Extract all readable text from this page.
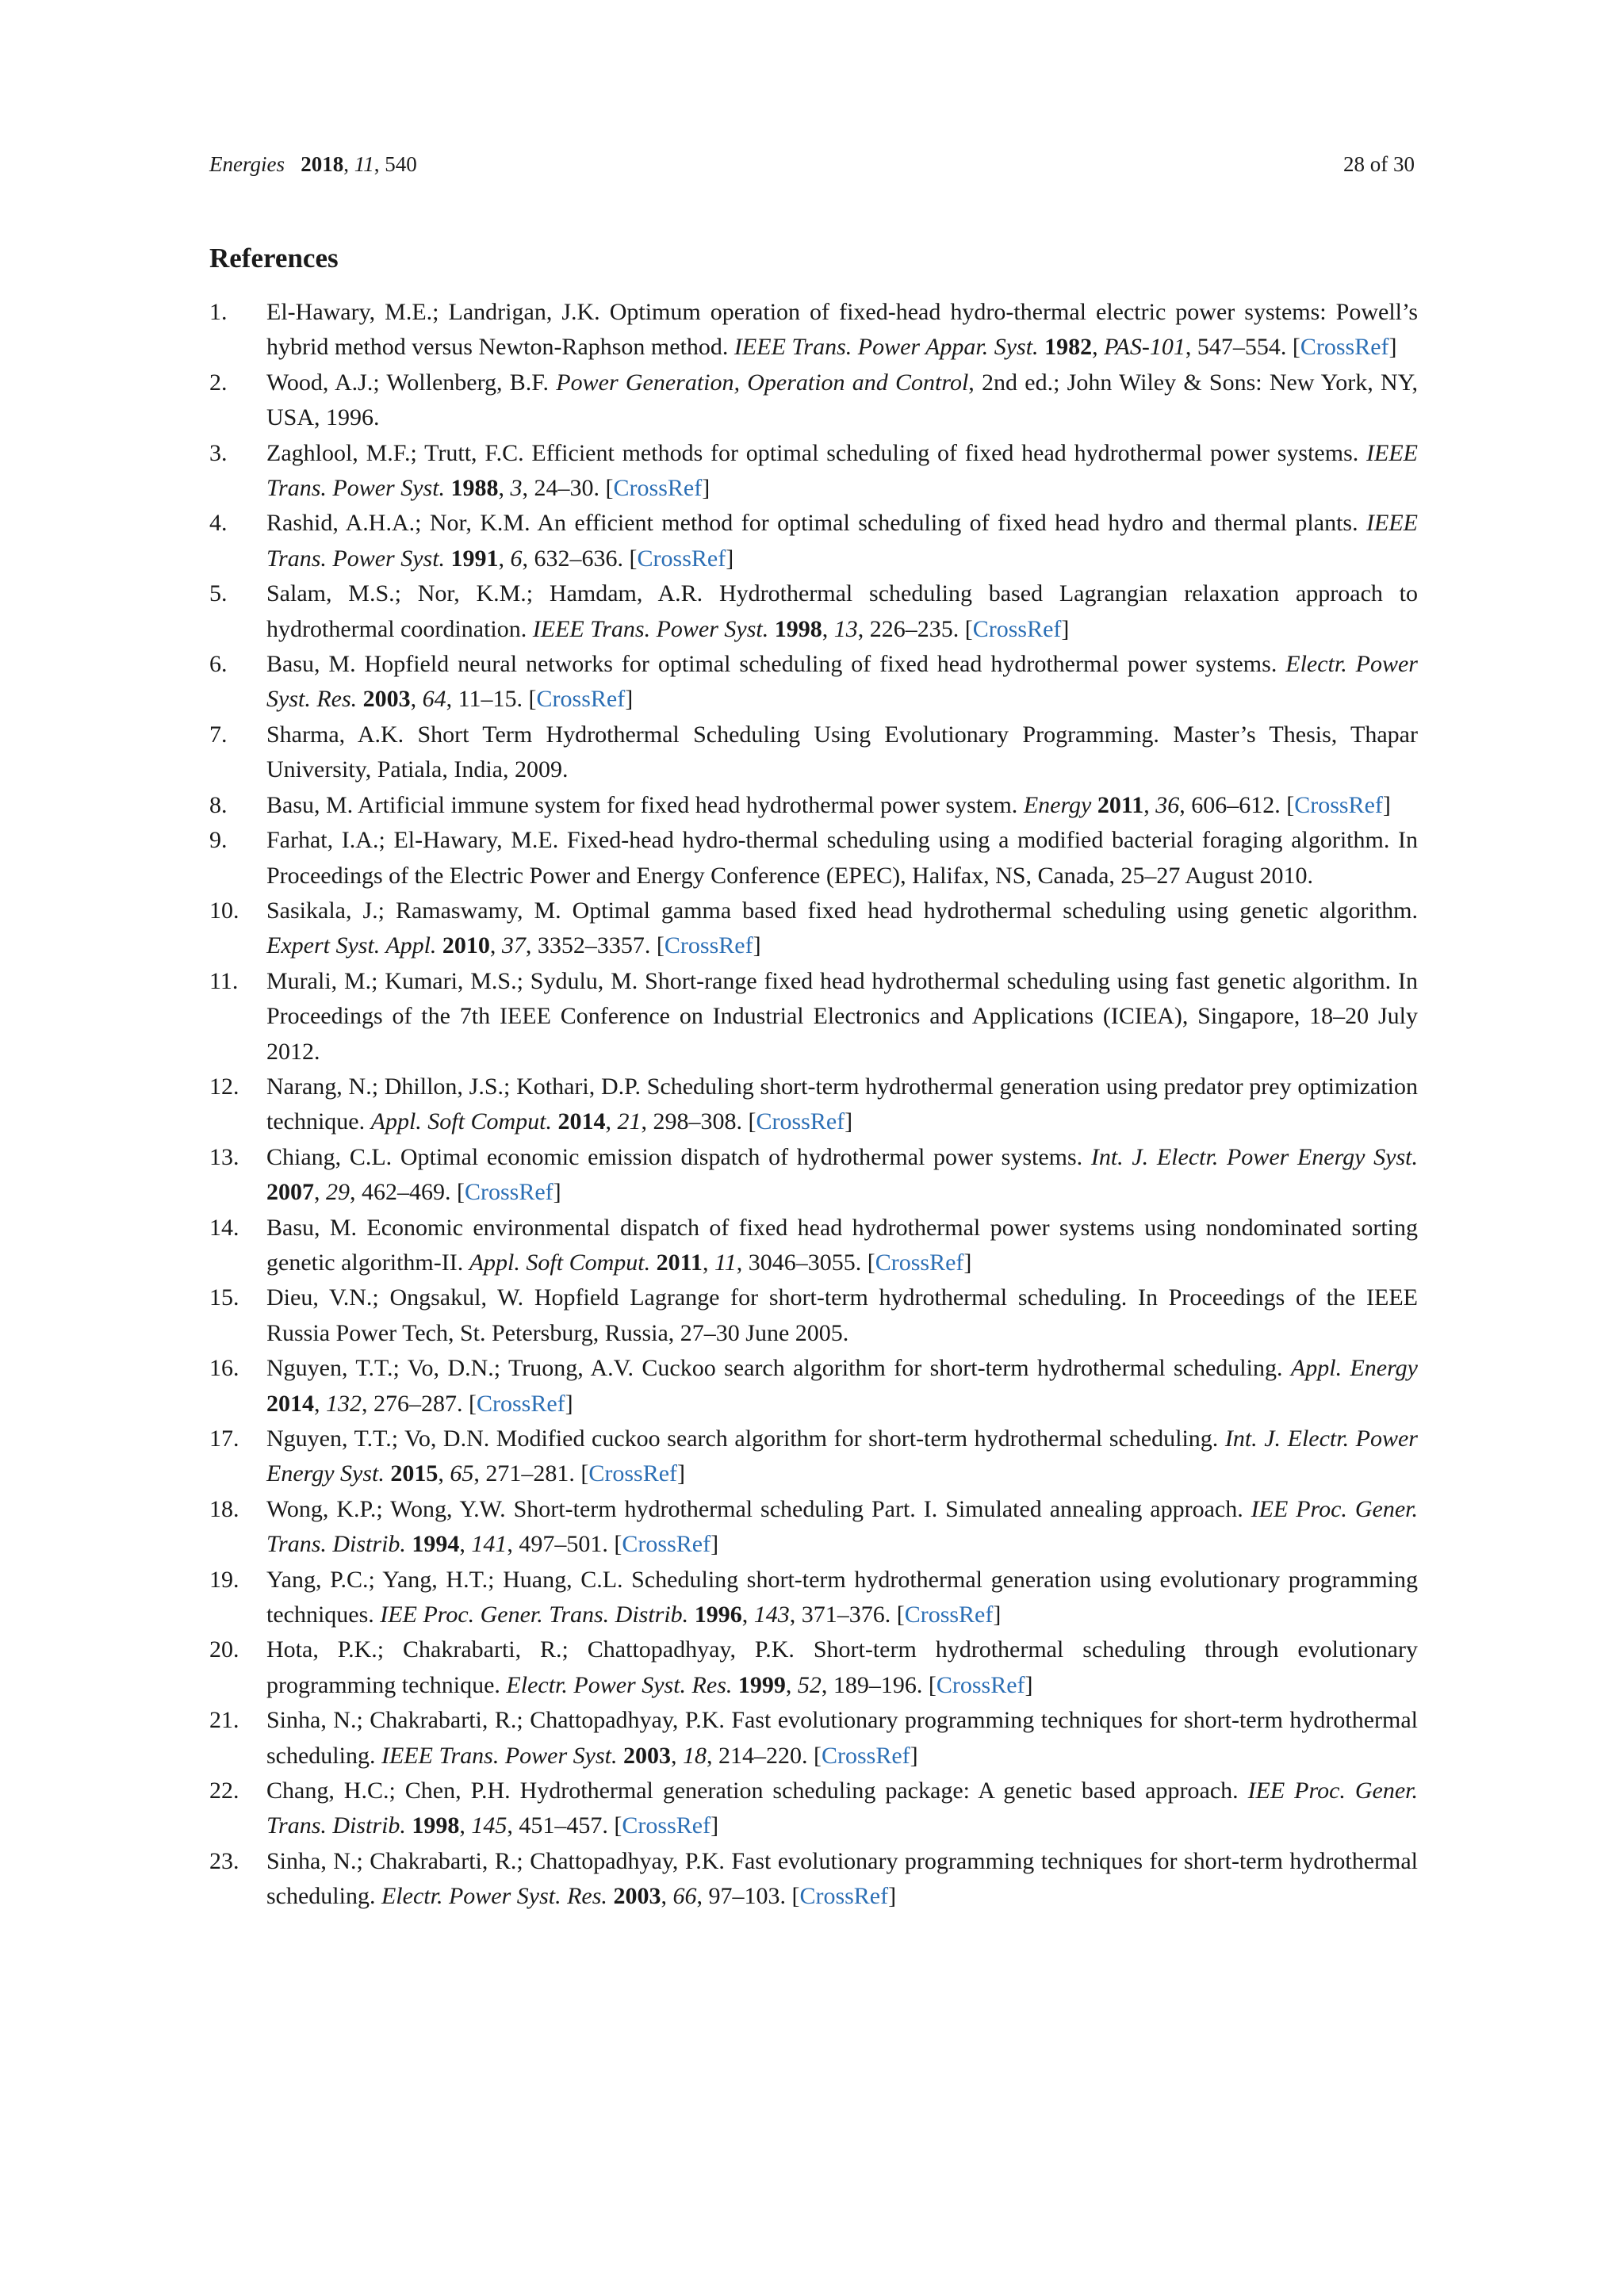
Energies 2018, 11, 540	28 of 30
References
1.	El-Hawary, M.E.; Landrigan, J.K. Optimum operation of fixed-head hydro-thermal electric power systems: Powell’s hybrid method versus Newton-Raphson method. IEEE Trans. Power Appar. Syst. 1982, PAS-101, 547–554. [CrossRef]
2.	Wood, A.J.; Wollenberg, B.F. Power Generation, Operation and Control, 2nd ed.; John Wiley & Sons: New York, NY, USA, 1996.
3.	Zaghlool, M.F.; Trutt, F.C. Efficient methods for optimal scheduling of fixed head hydrothermal power systems. IEEE Trans. Power Syst. 1988, 3, 24–30. [CrossRef]
4.	Rashid, A.H.A.; Nor, K.M. An efficient method for optimal scheduling of fixed head hydro and thermal plants. IEEE Trans. Power Syst. 1991, 6, 632–636. [CrossRef]
5.	Salam, M.S.; Nor, K.M.; Hamdam, A.R. Hydrothermal scheduling based Lagrangian relaxation approach to hydrothermal coordination. IEEE Trans. Power Syst. 1998, 13, 226–235. [CrossRef]
6.	Basu, M. Hopfield neural networks for optimal scheduling of fixed head hydrothermal power systems. Electr. Power Syst. Res. 2003, 64, 11–15. [CrossRef]
7.	Sharma, A.K. Short Term Hydrothermal Scheduling Using Evolutionary Programming. Master’s Thesis, Thapar University, Patiala, India, 2009.
8.	Basu, M. Artificial immune system for fixed head hydrothermal power system. Energy 2011, 36, 606–612. [CrossRef]
9.	Farhat, I.A.; El-Hawary, M.E. Fixed-head hydro-thermal scheduling using a modified bacterial foraging algorithm. In Proceedings of the Electric Power and Energy Conference (EPEC), Halifax, NS, Canada, 25–27 August 2010.
10.	Sasikala, J.; Ramaswamy, M. Optimal gamma based fixed head hydrothermal scheduling using genetic algorithm. Expert Syst. Appl. 2010, 37, 3352–3357. [CrossRef]
11.	Murali, M.; Kumari, M.S.; Sydulu, M. Short-range fixed head hydrothermal scheduling using fast genetic algorithm. In Proceedings of the 7th IEEE Conference on Industrial Electronics and Applications (ICIEA), Singapore, 18–20 July 2012.
12.	Narang, N.; Dhillon, J.S.; Kothari, D.P. Scheduling short-term hydrothermal generation using predator prey optimization technique. Appl. Soft Comput. 2014, 21, 298–308. [CrossRef]
13.	Chiang, C.L. Optimal economic emission dispatch of hydrothermal power systems. Int. J. Electr. Power Energy Syst. 2007, 29, 462–469. [CrossRef]
14.	Basu, M. Economic environmental dispatch of fixed head hydrothermal power systems using nondominated sorting genetic algorithm-II. Appl. Soft Comput. 2011, 11, 3046–3055. [CrossRef]
15.	Dieu, V.N.; Ongsakul, W. Hopfield Lagrange for short-term hydrothermal scheduling. In Proceedings of the IEEE Russia Power Tech, St. Petersburg, Russia, 27–30 June 2005.
16.	Nguyen, T.T.; Vo, D.N.; Truong, A.V. Cuckoo search algorithm for short-term hydrothermal scheduling. Appl. Energy 2014, 132, 276–287. [CrossRef]
17.	Nguyen, T.T.; Vo, D.N. Modified cuckoo search algorithm for short-term hydrothermal scheduling. Int. J. Electr. Power Energy Syst. 2015, 65, 271–281. [CrossRef]
18.	Wong, K.P.; Wong, Y.W. Short-term hydrothermal scheduling Part. I. Simulated annealing approach. IEE Proc. Gener. Trans. Distrib. 1994, 141, 497–501. [CrossRef]
19.	Yang, P.C.; Yang, H.T.; Huang, C.L. Scheduling short-term hydrothermal generation using evolutionary programming techniques. IEE Proc. Gener. Trans. Distrib. 1996, 143, 371–376. [CrossRef]
20.	Hota, P.K.; Chakrabarti, R.; Chattopadhyay, P.K. Short-term hydrothermal scheduling through evolutionary programming technique. Electr. Power Syst. Res. 1999, 52, 189–196. [CrossRef]
21.	Sinha, N.; Chakrabarti, R.; Chattopadhyay, P.K. Fast evolutionary programming techniques for short-term hydrothermal scheduling. IEEE Trans. Power Syst. 2003, 18, 214–220. [CrossRef]
22.	Chang, H.C.; Chen, P.H. Hydrothermal generation scheduling package: A genetic based approach. IEE Proc. Gener. Trans. Distrib. 1998, 145, 451–457. [CrossRef]
23.	Sinha, N.; Chakrabarti, R.; Chattopadhyay, P.K. Fast evolutionary programming techniques for short-term hydrothermal scheduling. Electr. Power Syst. Res. 2003, 66, 97–103. [CrossRef]
